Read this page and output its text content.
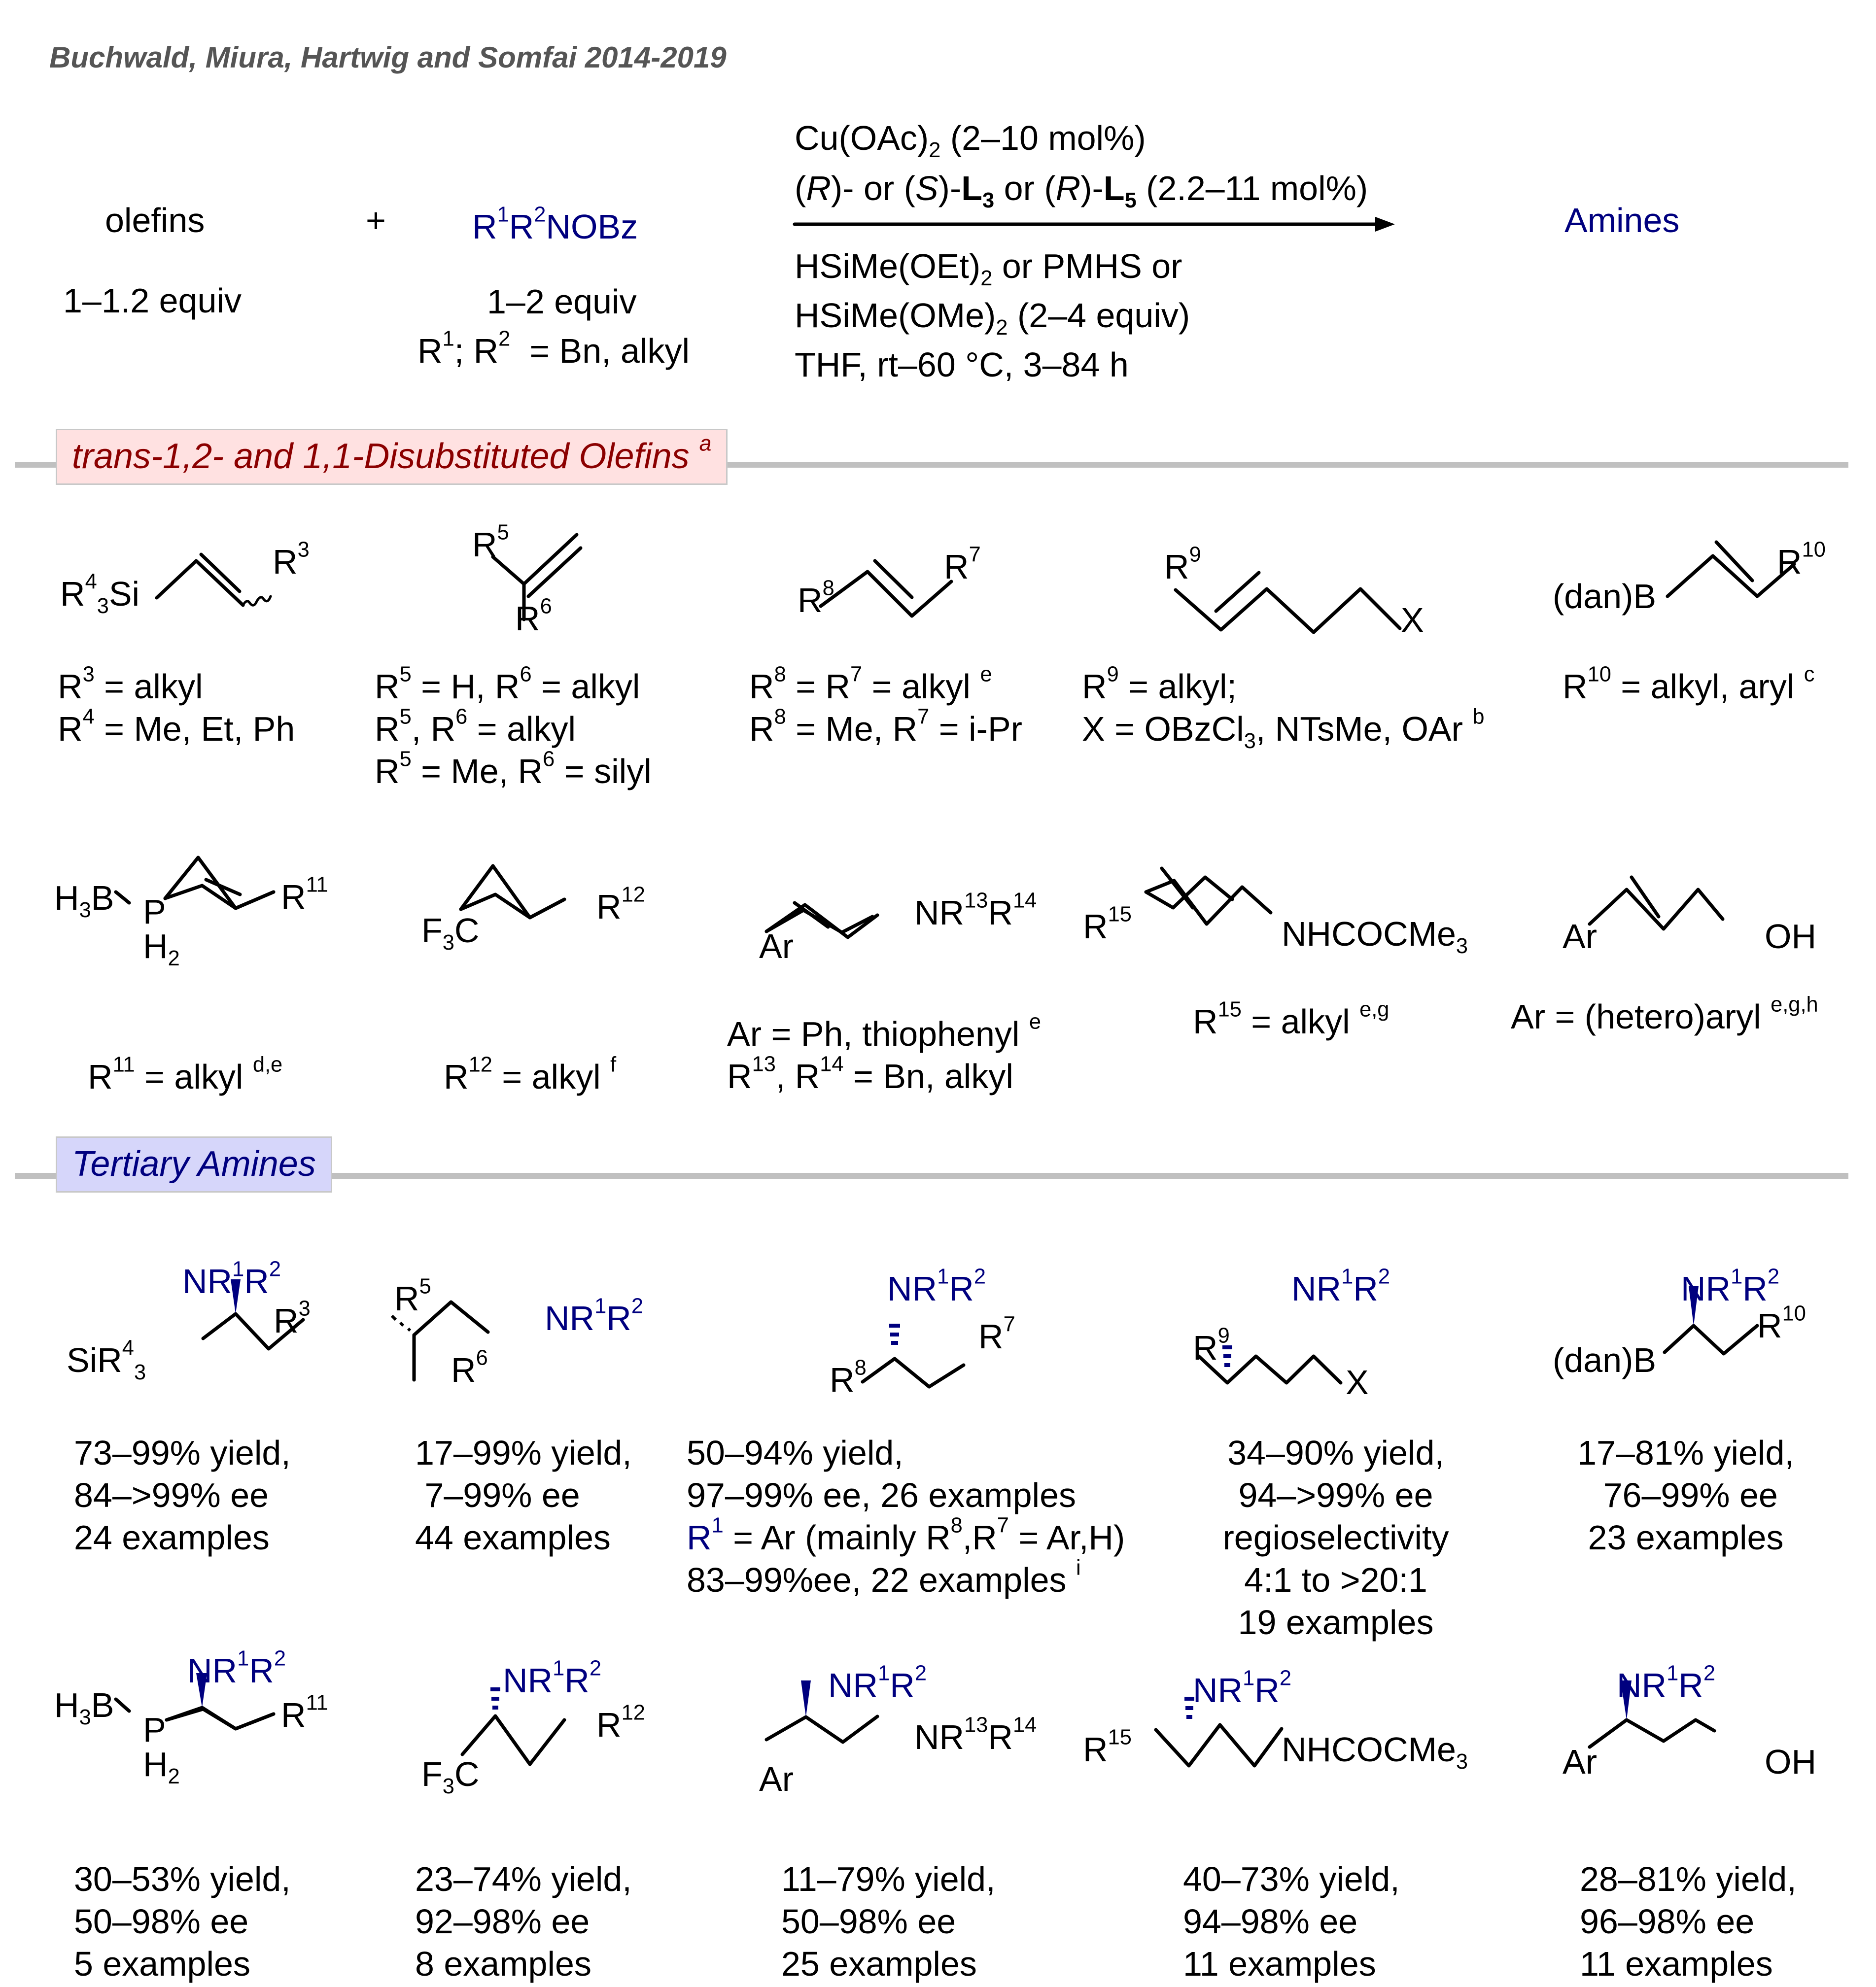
Buchwald, Miura, Hartwig and Somfai 2014-2019
olefins
1–1.2 equiv
+	$R^1R^2NOBz$
1–2 equiv
$R^1$; $R^2 = Bn$, alkyl
$Cu(OAc)_2$ (2–10 mol%)
(R)- or $(S)-L_3$ or $(R)-L_5$ (2.2–11 mol%)
$HSiMe(OEt)_2$ or PMHS or
$HSiMe(OMe)_2$ (2–4 equiv)
THF, rt–60 °C, 3–84 h
Amines
trans-1,2- and 1,1-Disubstituted Olefins $^a$
Tertiary Amines
$R^4_3Si$
$R^3$
$R^3$ = alkyl
$R^4 = Me$, Et, Ph
$R^5$
$R^6$
$R^5 = H$, $R^6$ = alkyl
$R^5$, $R^6$ = alkyl
$R^5 = Me$, $R^6$ = silyl
$R^8$
$R^7$
$R^8 = R^7$ = alkyl $^e$
$R^8 = Me$, $R^7 = i-Pr$
$R^9$
X
$R^9$ = alkyl;
X = OBzCl$_3$, NTsMe, OAr $^b$
(dan)B
$R^{10}$
$R^{10}$ = alkyl, aryl $^c$
$H_3B$ P
$H_2$
$R^{11}$
$R^{11}$ = alkyl $^{d,e}$
$F_3C$
$R^{12}$
$R^{12}$ = alkyl $^f$
Ar
$NR^{13}R^{14}$
Ar = Ph, thiophenyl $^e$
$R^{13}$, $R^{14} = Bn$, alkyl
$R^{15}$
NHCOCMe$_3$
$R^{15}$ = alkyl $^{e,g}$
Ar	OH
Ar = (hetero)aryl $^{e,g,h}$
$NR^1R^2$
SiR$^4_3$
$R^3$
73–99% yield,
84–>99% ee
24 examples
$NR^1R^2$
$R^5$
$R^6$
17–99% yield,
7–99% ee
44 examples
$NR^1R^2$
$R^8$
$R^7$
50–94% yield,
97–99% ee, 26 examples
$R^1 = Ar$ (mainly $R^8,R^7 = Ar,H$)
83–99%ee, 22 examples $^i$
$NR^1R^2$
$R^9$
X
34–90% yield,
94–>99% ee
regioselectivity
4:1 to >20:1
19 examples
$NR^1R^2$
(dan)B
$R^{10}$
17–81% yield,
76–99% ee
23 examples
$NR^1R^2$
$H_3B$
P
$H_2$
$R^{11}$
30–53% yield,
50–98% ee
5 examples
$NR^1R^2$
$F_3C$
$R^{12}$
23–74% yield,
92–98% ee
8 examples
$NR^1R^2$
Ar
$NR^{13}R^{14}$
11–79% yield,
50–98% ee
25 examples
$NR^1R^2$
$R^{15}$	NHCOCMe$_3$
40–73% yield,
94–98% ee
11 examples
$NR^1R^2$
Ar	OH
28–81% yield,
96–98% ee
11 examples
